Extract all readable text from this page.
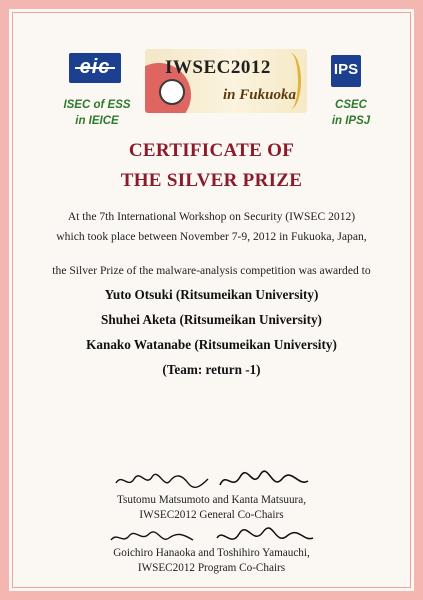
eic
ISEC of ESS
in IEICE
IWSEC2012
in Fukuoka
IPS
CSEC
in IPSJ
CERTIFICATE OF
THE SILVER PRIZE
At the 7th International Workshop on Security (IWSEC 2012)
which took place between November 7-9, 2012 in Fukuoka, Japan,
the Silver Prize of the malware-analysis competition was awarded to
Yuto Otsuki (Ritsumeikan University)
Shuhei Aketa (Ritsumeikan University)
Kanako Watanabe (Ritsumeikan University)
(Team: return -1)
Tsutomu Matsumoto and Kanta Matsuura,
IWSEC2012 General Co-Chairs
Goichiro Hanaoka and Toshihiro Yamauchi,
IWSEC2012 Program Co-Chairs
